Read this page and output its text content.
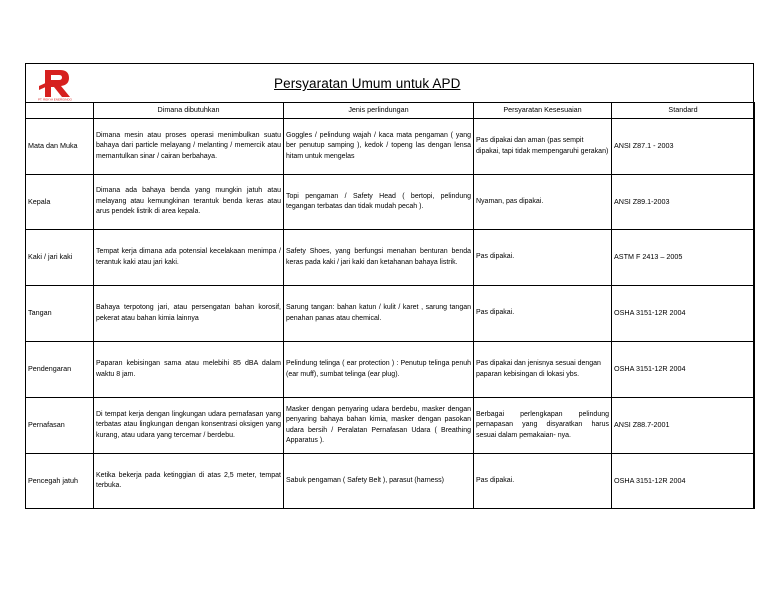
PT. REKYA ENERGINDO
Persyaratan Umum untuk APD
	Dimana dibutuhkan	Jenis perlindungan	Persyaratan Kesesuaian	Standard
Mata dan Muka	Dimana mesin atau proses operasi menimbulkan suatu bahaya dari particle melayang / melanting / memercik atau memantulkan sinar / cairan berbahaya.	Goggles / pelindung wajah / kaca mata pengaman ( yang ber penutup samping ), kedok / topeng las dengan lensa hitam untuk mengelas	Pas dipakai dan aman (pas sempit dipakai, tapi tidak mempengaruhi gerakan)	ANSI Z87.1 - 2003
Kepala	Dimana ada bahaya benda yang mungkin jatuh atau melayang atau kemungkinan terantuk benda keras atau arus pendek listrik di area kepala.	Topi pengaman / Safety Head ( bertopi, pelindung tegangan terbatas dan tidak mudah pecah ).	Nyaman, pas dipakai.	ANSI Z89.1-2003
Kaki / jari kaki	Tempat kerja dimana ada potensial kecelakaan menimpa / terantuk kaki atau jari kaki.	Safety Shoes, yang berfungsi menahan benturan benda keras pada kaki / jari kaki dan ketahanan bahaya listrik.	Pas dipakai.	ASTM F 2413 – 2005
Tangan	Bahaya terpotong jari, atau persengatan bahan korosif, pekerat atau bahan kimia lainnya	Sarung tangan: bahan katun / kulit / karet , sarung tangan penahan panas atau chemical.	Pas dipakai.	OSHA 3151-12R 2004
Pendengaran	Paparan kebisingan sama atau melebihi 85 dBA dalam waktu 8 jam.	Pelindung telinga ( ear protection ) : Penutup telinga penuh (ear muff), sumbat telinga (ear plug).	Pas dipakai dan jenisnya sesuai dengan paparan kebisingan di lokasi ybs.	OSHA 3151-12R 2004
Pernafasan	Di tempat kerja dengan lingkungan udara pernafasan yang terbatas atau lingkungan dengan konsentrasi oksigen yang kurang, atau udara yang tercemar / berdebu.	Masker dengan penyaring udara berdebu, masker dengan penyaring bahaya bahan kimia, masker dengan pasokan udara bersih / Peralatan Pernafasan Udara ( Breathing Apparatus ).	Berbagai perlengkapan pelindung pernapasan yang disyaratkan harus sesuai dalam pemakaian- nya.	ANSI Z88.7-2001
Pencegah jatuh	Ketika bekerja pada ketinggian di atas 2,5 meter, tempat terbuka.	Sabuk pengaman ( Safety Belt ), parasut (harness)	Pas dipakai.	OSHA 3151-12R 2004
